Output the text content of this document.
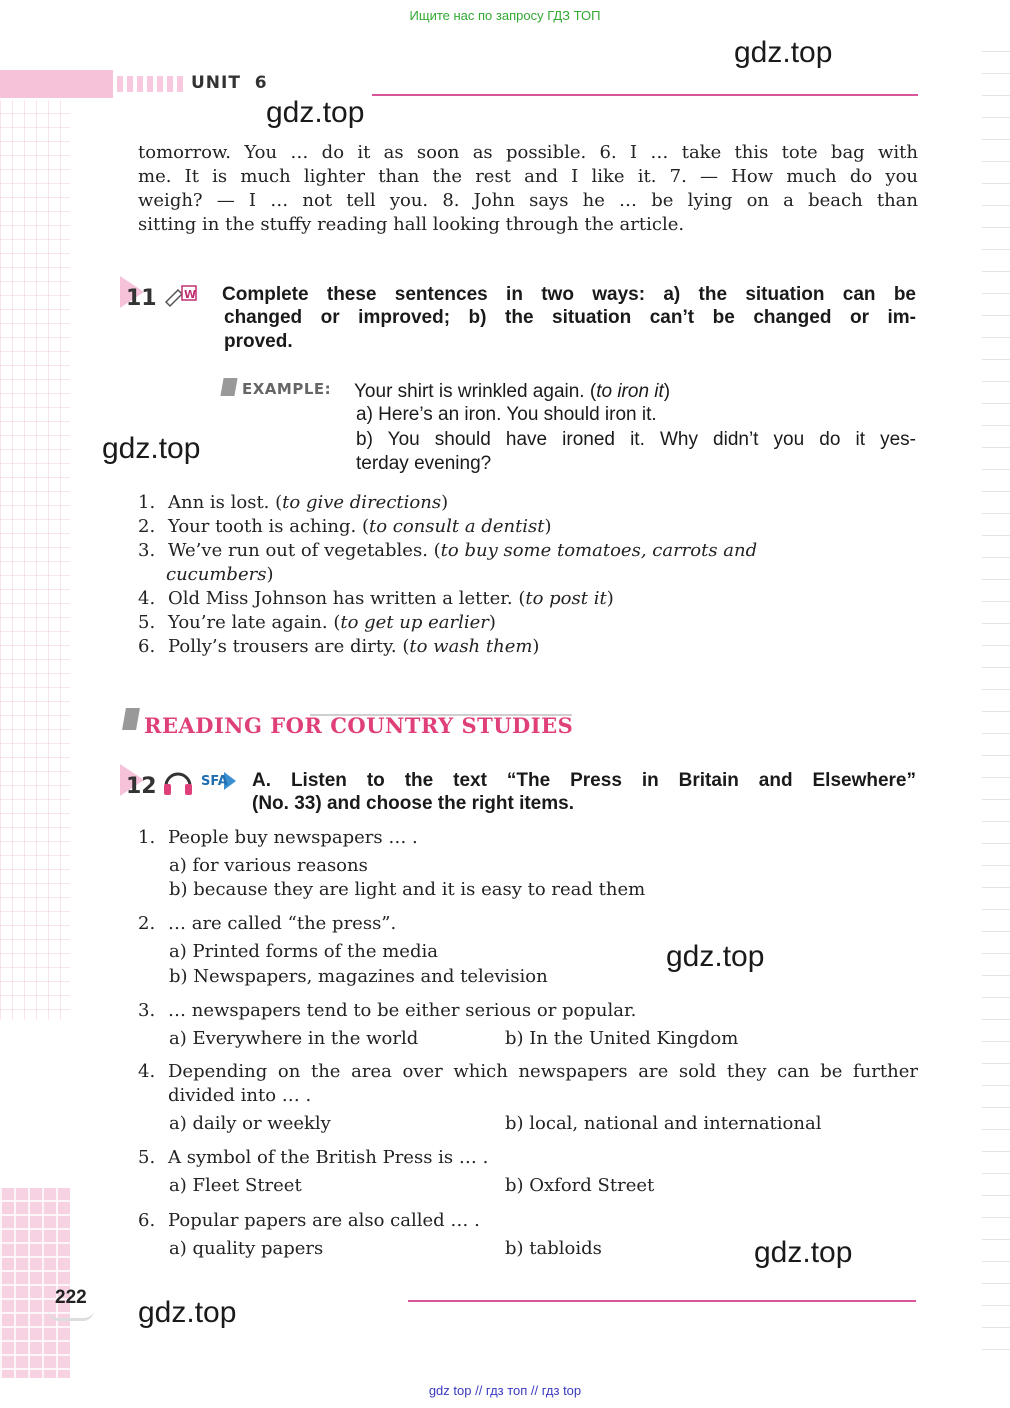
Ищите нас по запросу ГДЗ ТОП
UNIT 6
gdz.top
gdz.top
gdz.top
gdz.top
gdz.top
gdz.top
tomorrow. You … do it as soon as possible. 6. I … take this tote bag with
me. It is much lighter than the rest and I like it. 7. — How much do you
weigh? — I … not tell you. 8. John says he … be lying on a beach than
sitting in the stuffy reading hall looking through the article.
11 W Complete these sentences in two ways: a) the situation can be
changed or improved; b) the situation can’t be changed or im-
proved.
EXAMPLE: Your shirt is wrinkled again. (to iron it)
a) Here’s an iron. You should iron it.
b) You should have ironed it. Why didn’t you do it yes-
terday evening?
1. Ann is lost. (to give directions)
2. Your tooth is aching. (to consult a dentist)
3. We’ve run out of vegetables. (to buy some tomatoes, carrots and
cucumbers)
4. Old Miss Johnson has written a letter. (to post it)
5. You’re late again. (to get up earlier)
6. Polly’s trousers are dirty. (to wash them)
READING FOR COUNTRY STUDIES
12	SFA A. Listen to the text “The Press in Britain and Elsewhere”
(No. 33) and choose the right items.
1. People buy newspapers … .
a) for various reasons
b) because they are light and it is easy to read them
2. … are called “the press”.
a) Printed forms of the media
b) Newspapers, magazines and television
3. … newspapers tend to be either serious or popular.
a) Everywhere in the world	b) In the United Kingdom
4. Depending on the area over which newspapers are sold they can be further
divided into … .
a) daily or weekly	b) local, national and international
5. A symbol of the British Press is … .
a) Fleet Street	b) Oxford Street
6. Popular papers are also called … .
a) quality papers	b) tabloids
222
gdz top // гдз топ // гдз top
